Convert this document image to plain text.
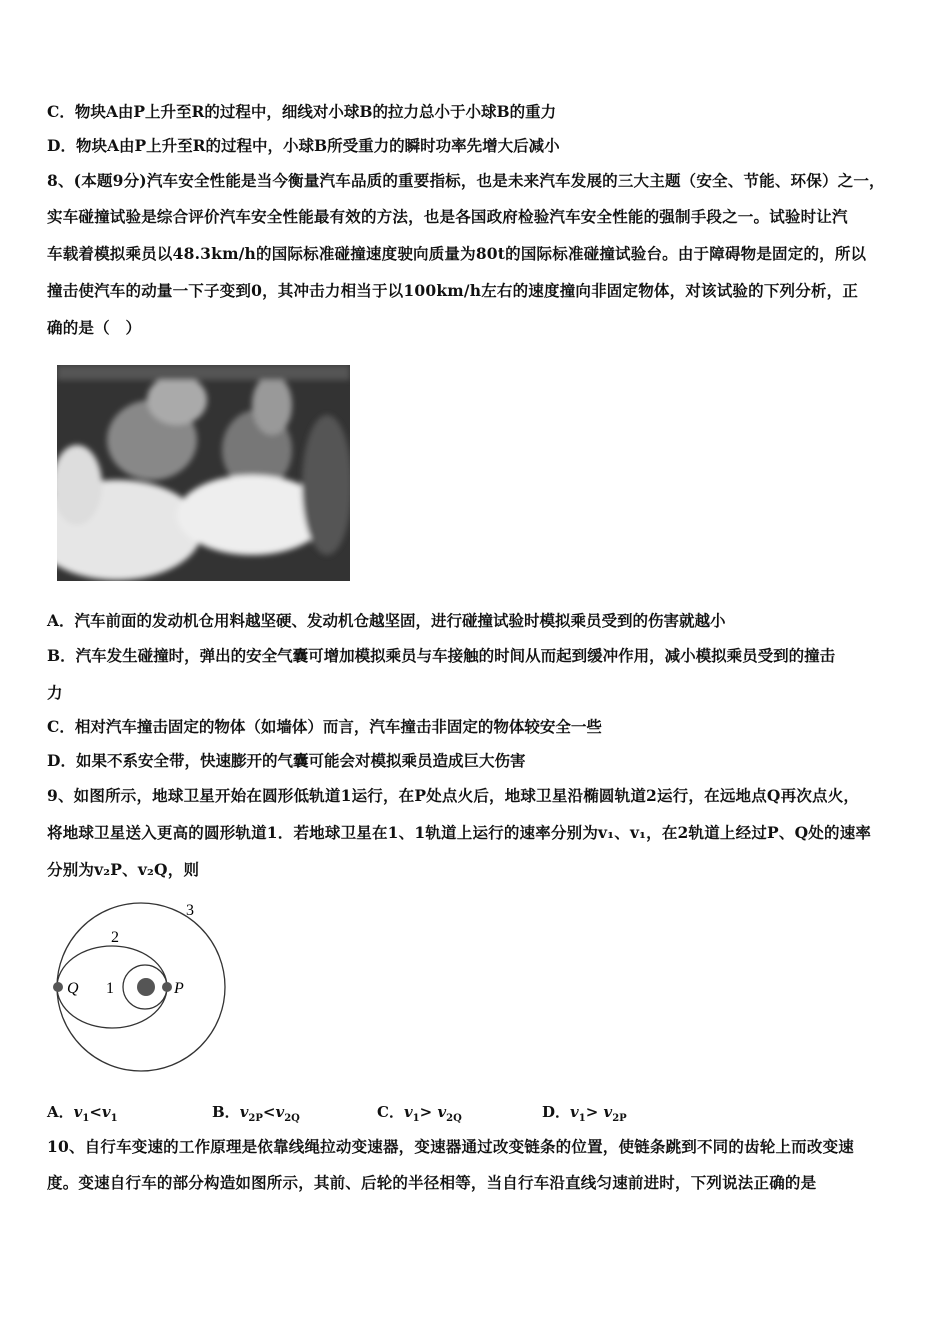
C．物块A由P上升至R的过程中，细线对小球B的拉力总小于小球B的重力
D．物块A由P上升至R的过程中，小球B所受重力的瞬时功率先增大后减小
8、(本题9分)汽车安全性能是当今衡量汽车品质的重要指标，也是未来汽车发展的三大主题（安全、节能、环保）之一，
实车碰撞试验是综合评价汽车安全性能最有效的方法，也是各国政府检验汽车安全性能的强制手段之一。试验时让汽
车载着模拟乘员以48.3km/h的国际标准碰撞速度驶向质量为80t的国际标准碰撞试验台。由于障碍物是固定的，所以
撞击使汽车的动量一下子变到0，其冲击力相当于以100km/h左右的速度撞向非固定物体，对该试验的下列分析，正
确的是（　）
A．汽车前面的发动机仓用料越坚硬、发动机仓越坚固，进行碰撞试验时模拟乘员受到的伤害就越小
B．汽车发生碰撞时，弹出的安全气囊可增加模拟乘员与车接触的时间从而起到缓冲作用，减小模拟乘员受到的撞击
力
C．相对汽车撞击固定的物体（如墙体）而言，汽车撞击非固定的物体较安全一些
D．如果不系安全带，快速膨开的气囊可能会对模拟乘员造成巨大伤害
9、如图所示，地球卫星开始在圆形低轨道1运行，在P处点火后，地球卫星沿椭圆轨道2运行，在远地点Q再次点火，
将地球卫星送入更高的圆形轨道1．若地球卫星在1、1轨道上运行的速率分别为v₁、v₁，在2轨道上经过P、Q处的速率
分别为v₂P、v₂Q，则
Q	P
1
2
3
A．$v_1<v_1$	B．$v_{2P}<v_{2Q}$	C．$v_1> v_{2Q}$	D．$v_1> v_{2P}$
10、自行车变速的工作原理是依靠线绳拉动变速器，变速器通过改变链条的位置，使链条跳到不同的齿轮上而改变速
度。变速自行车的部分构造如图所示，其前、后轮的半径相等，当自行车沿直线匀速前进时，下列说法正确的是
